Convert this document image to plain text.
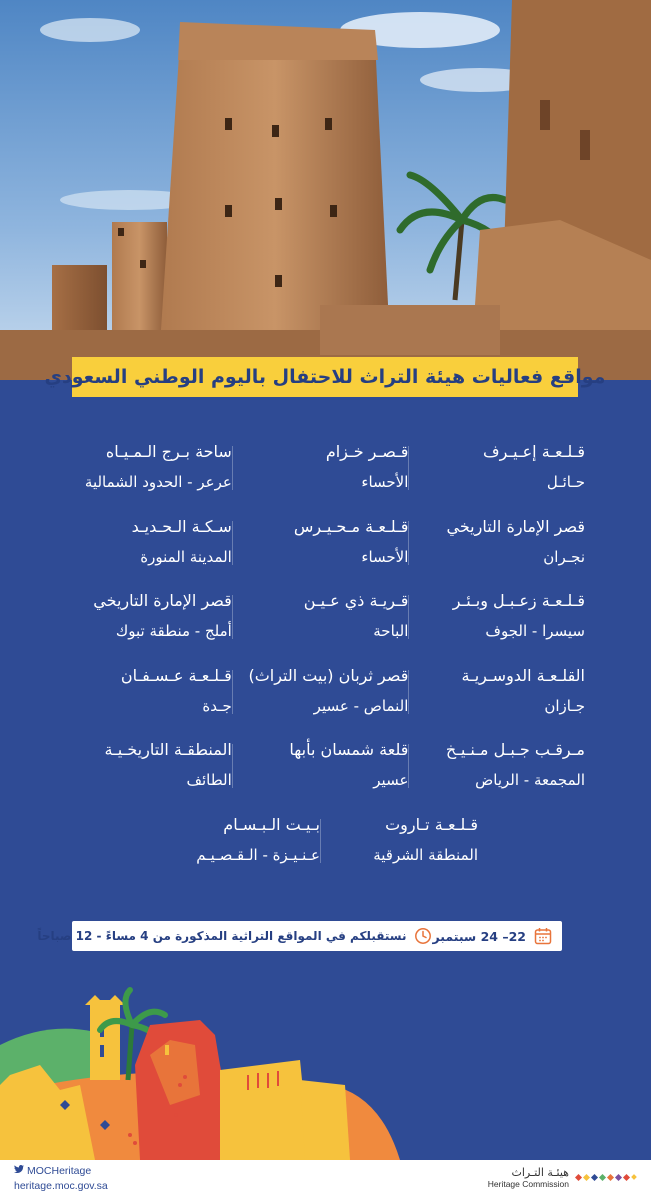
مواقع فعاليات هيئة التراث للاحتفال باليوم الوطني السعودي
قـلـعـة إعـيـرف
حـائـل
قـصـر خـزام
الأحساء
ساحة بـرج الـمـيـاه
عرعر - الحدود الشمالية
قصر الإمارة التاريخي
نجـران
قـلـعـة مـحـيـرس
الأحساء
سـكـة الـحـديـد
المدينة المنورة
قـلـعـة زعـبـل وبـئـر
سيسرا - الجوف
قـريـة ذي عـيـن
الباحة
قصر الإمارة التاريخي
أملج - منطقة تبوك
القلـعـة الدوسـريـة
جـازان
قصر ثربان (بيت التراث)
النماص - عسير
قـلـعـة عـسـفـان
جـدة
مـرقـب جـبـل مـنـيـخ
المجمعة - الرياض
قلعة شمسان بأبها
عسير
المنطقـة التاريخـيـة
الطائف
قـلـعـة تـاروت
المنطقة الشرقية
بـيـت الـبـسـام
عـنـيـزة - الـقـصـيـم
22– 24 سبتمبر
نستقبلكم في المواقع التراثية المذكورة من 4 مساءً - 12 صباحاً
MOCHeritage
heritage.moc.gov.sa
هيئـة التـراث
Heritage Commission
